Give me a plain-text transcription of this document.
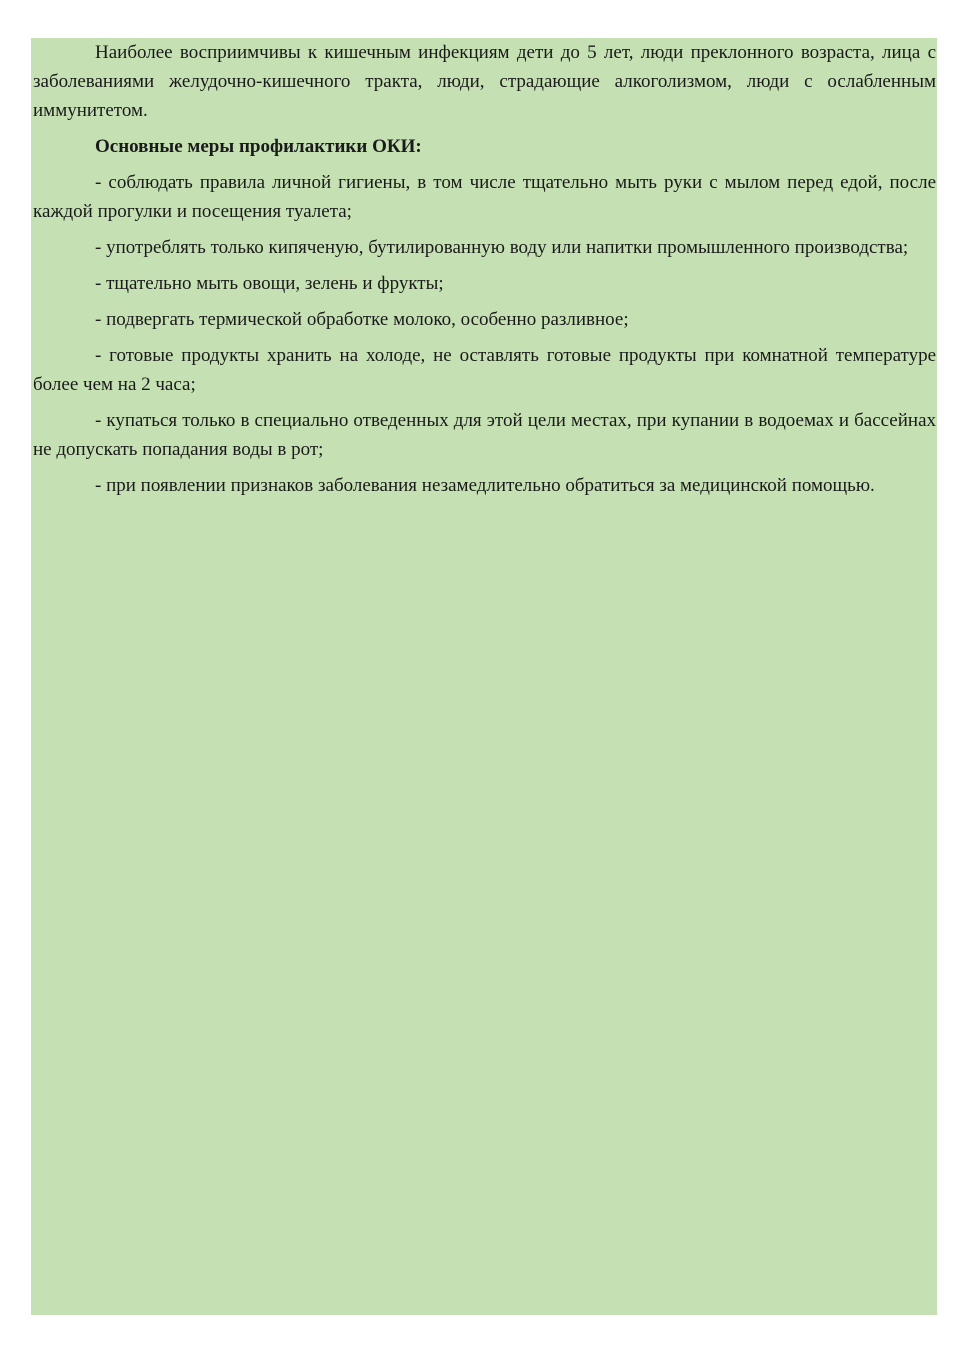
Наиболее восприимчивы к кишечным инфекциям дети до 5 лет, люди преклонного возраста, лица с заболеваниями желудочно-кишечного тракта, люди, страдающие алкоголизмом, люди с ослабленным иммунитетом.

Основные меры профилактики ОКИ:

- соблюдать правила личной гигиены, в том числе тщательно мыть руки с мылом перед едой, после каждой прогулки и посещения туалета;

- употреблять только кипяченую, бутилированную воду или напитки промышленного производства;

- тщательно мыть овощи, зелень и фрукты;

- подвергать термической обработке молоко, особенно разливное;

- готовые продукты хранить на холоде, не оставлять готовые продукты при комнатной температуре более чем на 2 часа;

- купаться только в специально отведенных для этой цели местах, при купании в водоемах и бассейнах не допускать попадания воды в рот;

- при появлении признаков заболевания незамедлительно обратиться за медицинской помощью.
